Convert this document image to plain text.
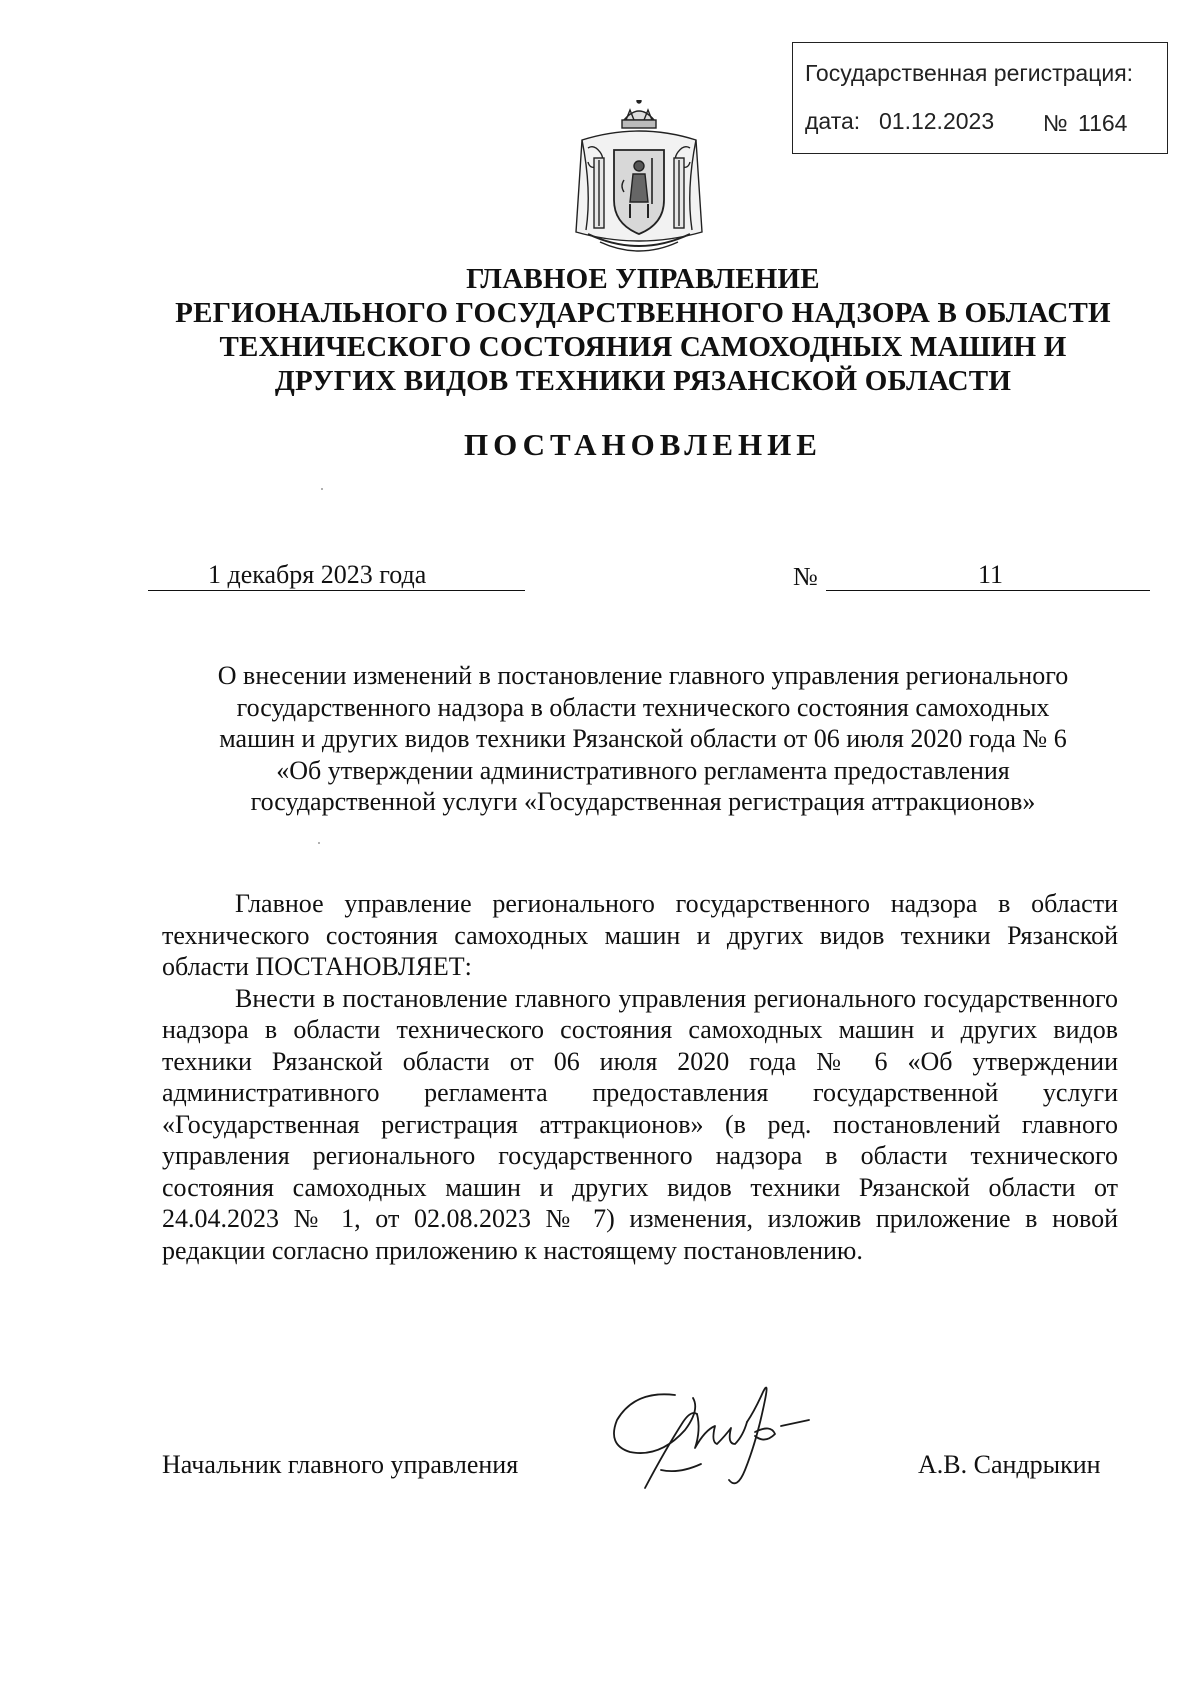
Государственная регистрация:
дата: 01.12.2023 № 1164
ГЛАВНОЕ УПРАВЛЕНИЕ
РЕГИОНАЛЬНОГО ГОСУДАРСТВЕННОГО НАДЗОРА В ОБЛАСТИ
ТЕХНИЧЕСКОГО СОСТОЯНИЯ САМОХОДНЫХ МАШИН И
ДРУГИХ ВИДОВ ТЕХНИКИ РЯЗАНСКОЙ ОБЛАСТИ
ПОСТАНОВЛЕНИЕ
1 декабря 2023 года	№	11
О внесении изменений в постановление главного управления регионального
государственного надзора в области технического состояния самоходных
машин и других видов техники Рязанской области от 06 июля 2020 года № 6
«Об утверждении административного регламента предоставления
государственной услуги «Государственная регистрация аттракционов»

Главное управление регионального государственного надзора в области технического состояния самоходных машин и других видов техники Рязанской области ПОСТАНОВЛЯЕТ:

Внести в постановление главного управления регионального государственного надзора в области технического состояния самоходных машин и других видов техники Рязанской области от 06 июля 2020 года № 6 «Об утверждении административного регламента предоставления государственной услуги «Государственная регистрация аттракционов» (в ред. постановлений главного управления регионального государственного надзора в области технического состояния самоходных машин и других видов техники Рязанской области от 24.04.2023 № 1, от 02.08.2023 № 7) изменения, изложив приложение в новой редакции согласно приложению к настоящему постановлению.

Начальник главного управления	А.В. Сандрыкин
